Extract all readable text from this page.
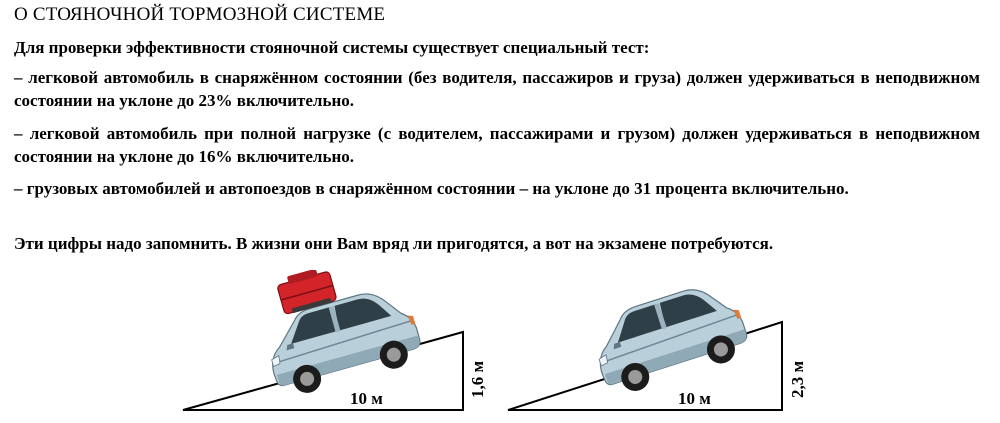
О СТОЯНОЧНОЙ ТОРМОЗНОЙ СИСТЕМЕ
Для проверки эффективности стояночной системы существует специальный тест:
– легковой автомобиль в снаряжённом состоянии (без водителя, пассажиров и груза) должен удерживаться в неподвижном состоянии на уклоне до 23% включительно.
– легковой автомобиль при полной нагрузке (с водителем, пассажирами и грузом) должен удерживаться в неподвижном состоянии на уклоне до 16% включительно.
– грузовых автомобилей и автопоездов в снаряжённом состоянии – на уклоне до 31 процента включительно.
Эти цифры надо запомнить. В жизни они Вам вряд ли пригодятся, а вот на экзамене потребуются.
10 м
1,6 м
10 м
2,3 м
